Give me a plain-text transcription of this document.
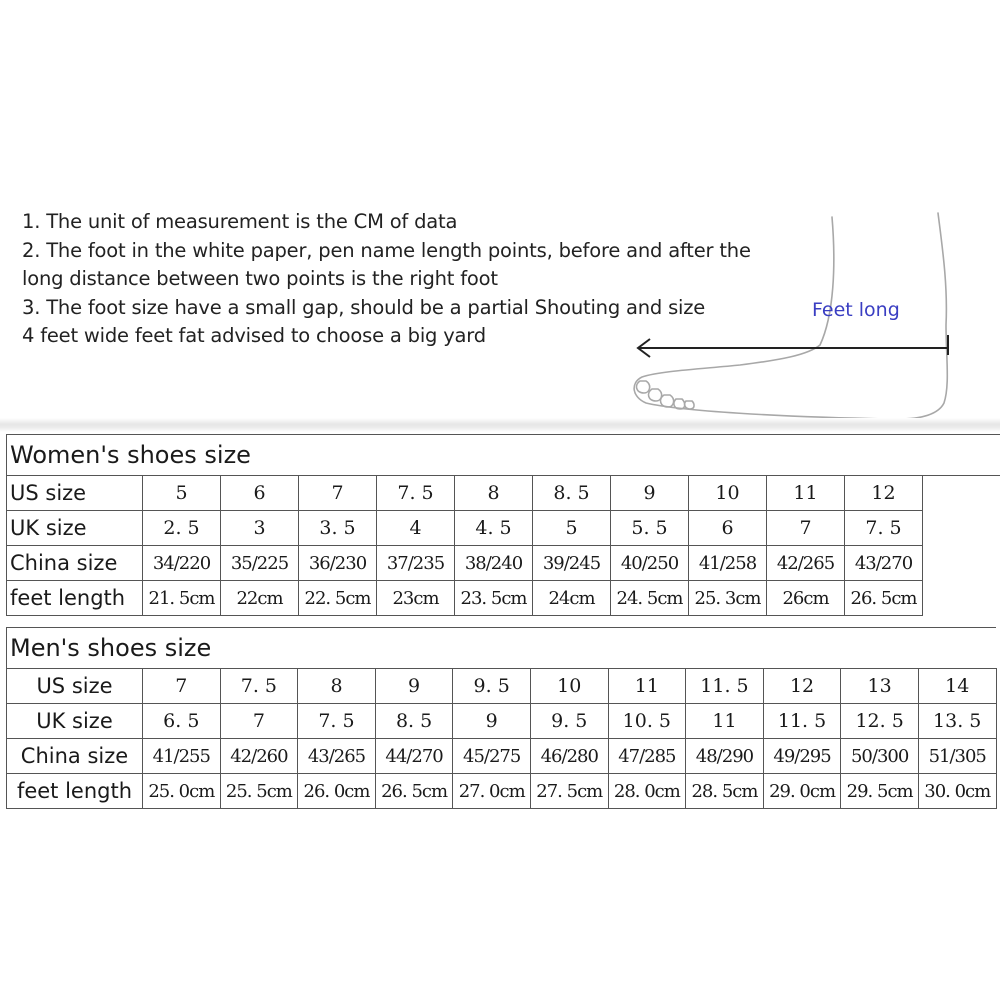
1. The unit of measurement is the CM of data
2. The foot in the white paper, pen name length points, before and after the
long distance between two points is the right foot
3. The foot size have a small gap, should be a partial Shouting and size
4 feet wide feet fat advised to choose a big yard
Feet long
Women's shoes size											
US size	5	6	7	7. 5	8	8. 5	9	10	11	12	
UK size	2. 5	3	3. 5	4	4. 5	5	5. 5	6	7	7. 5	
China size	34/220	35/225	36/230	37/235	38/240	39/245	40/250	41/258	42/265	43/270	
feet length	21. 5cm	22cm	22. 5cm	23cm	23. 5cm	24cm	24. 5cm	25. 3cm	26cm	26. 5cm	
Men's shoes size											
US size	7	7. 5	8	9	9. 5	10	11	11. 5	12	13	14
UK size	6. 5	7	7. 5	8. 5	9	9. 5	10. 5	11	11. 5	12. 5	13. 5
China size	41/255	42/260	43/265	44/270	45/275	46/280	47/285	48/290	49/295	50/300	51/305
feet length	25. 0cm	25. 5cm	26. 0cm	26. 5cm	27. 0cm	27. 5cm	28. 0cm	28. 5cm	29. 0cm	29. 5cm	30. 0cm
